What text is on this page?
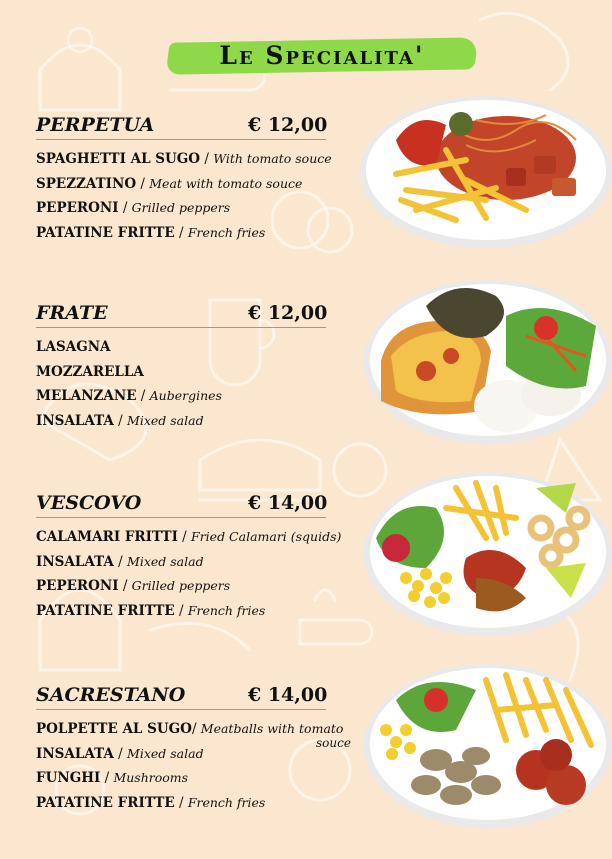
Le Specialita'
PERPETUA	€ 12,00
SPAGHETTI AL SUGO / With tomato souce
SPEZZATINO / Meat with tomato souce
PEPERONI / Grilled peppers
PATATINE FRITTE / French fries
FRATE	€ 12,00
LASAGNA
MOZZARELLA
MELANZANE / Aubergines
INSALATA / Mixed salad
VESCOVO	€ 14,00
CALAMARI FRITTI / Fried Calamari (squids)
INSALATA / Mixed salad
PEPERONI / Grilled peppers
PATATINE FRITTE / French fries
SACRESTANO	€ 14,00
POLPETTE AL SUGO/ Meatballs with tomato
souce
INSALATA / Mixed salad
FUNGHI / Mushrooms
PATATINE FRITTE / French fries
